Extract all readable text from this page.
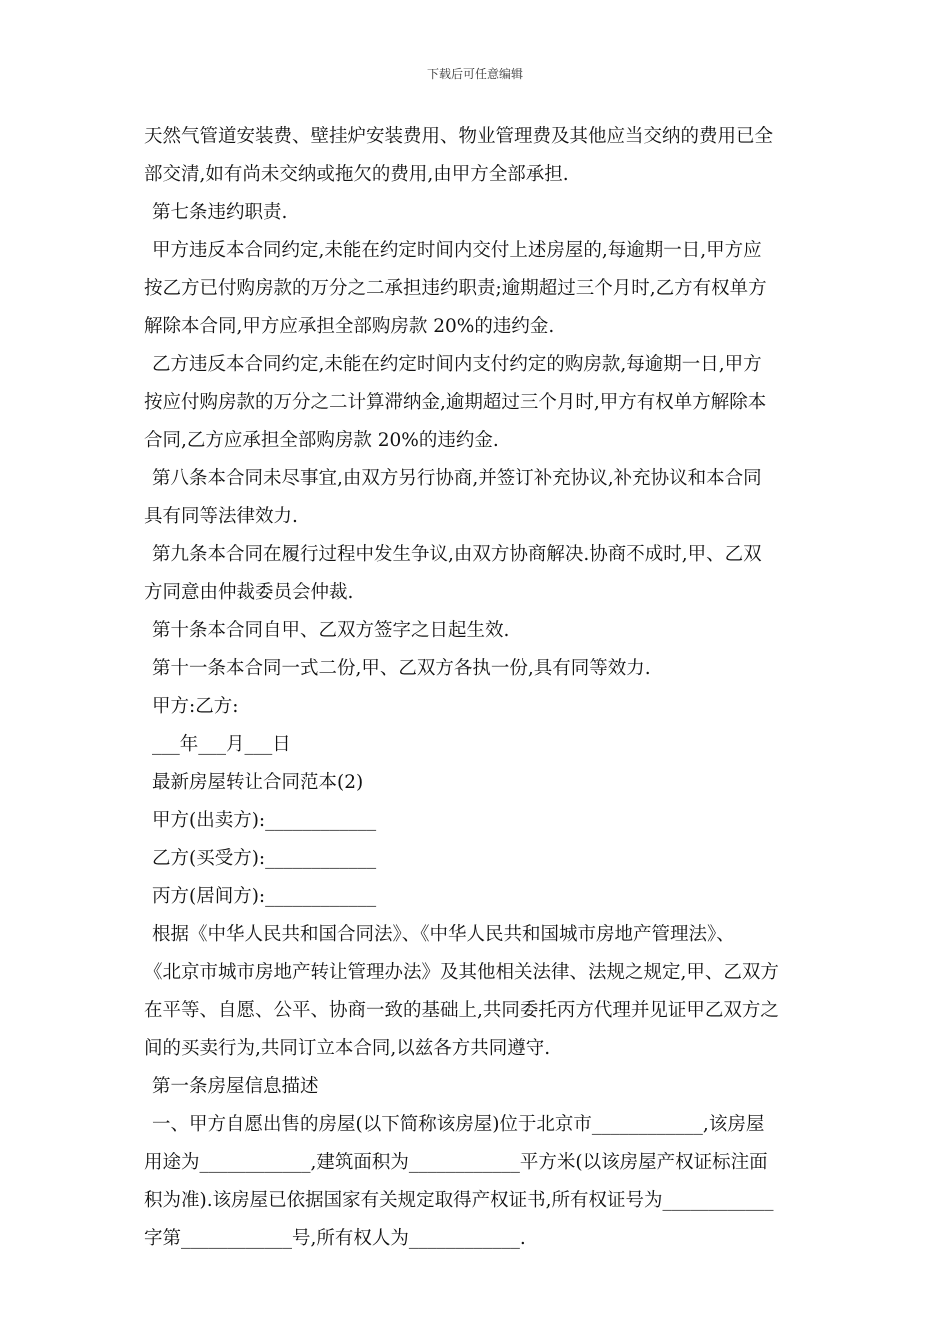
下载后可任意编辑
天然气管道安装费、壁挂炉安装费用、物业管理费及其他应当交纳的费用已全
部交清,如有尚未交纳或拖欠的费用,由甲方全部承担.
第七条违约职责.
甲方违反本合同约定,未能在约定时间内交付上述房屋的,每逾期一日,甲方应
按乙方已付购房款的万分之二承担违约职责;逾期超过三个月时,乙方有权单方
解除本合同,甲方应承担全部购房款 20%的违约金.
乙方违反本合同约定,未能在约定时间内支付约定的购房款,每逾期一日,甲方
按应付购房款的万分之二计算滞纳金,逾期超过三个月时,甲方有权单方解除本
合同,乙方应承担全部购房款 20%的违约金.
第八条本合同未尽事宜,由双方另行协商,并签订补充协议,补充协议和本合同
具有同等法律效力.
第九条本合同在履行过程中发生争议,由双方协商解决.协商不成时,甲、乙双
方同意由仲裁委员会仲裁.
第十条本合同自甲、乙双方签字之日起生效.
第十一条本合同一式二份,甲、乙双方各执一份,具有同等效力.
甲方:乙方:
___年___月___日
最新房屋转让合同范本(2)
甲方(出卖方):____________
乙方(买受方):____________
丙方(居间方):____________
根据《中华人民共和国合同法》、《中华人民共和国城市房地产管理法》、
《北京市城市房地产转让管理办法》及其他相关法律、法规之规定,甲、乙双方
在平等、自愿、公平、协商一致的基础上,共同委托丙方代理并见证甲乙双方之
间的买卖行为,共同订立本合同,以兹各方共同遵守.
第一条房屋信息描述
一、甲方自愿出售的房屋(以下简称该房屋)位于北京市____________,该房屋
用途为____________,建筑面积为____________平方米(以该房屋产权证标注面
积为准).该房屋已依据国家有关规定取得产权证书,所有权证号为____________
字第____________号,所有权人为____________.
